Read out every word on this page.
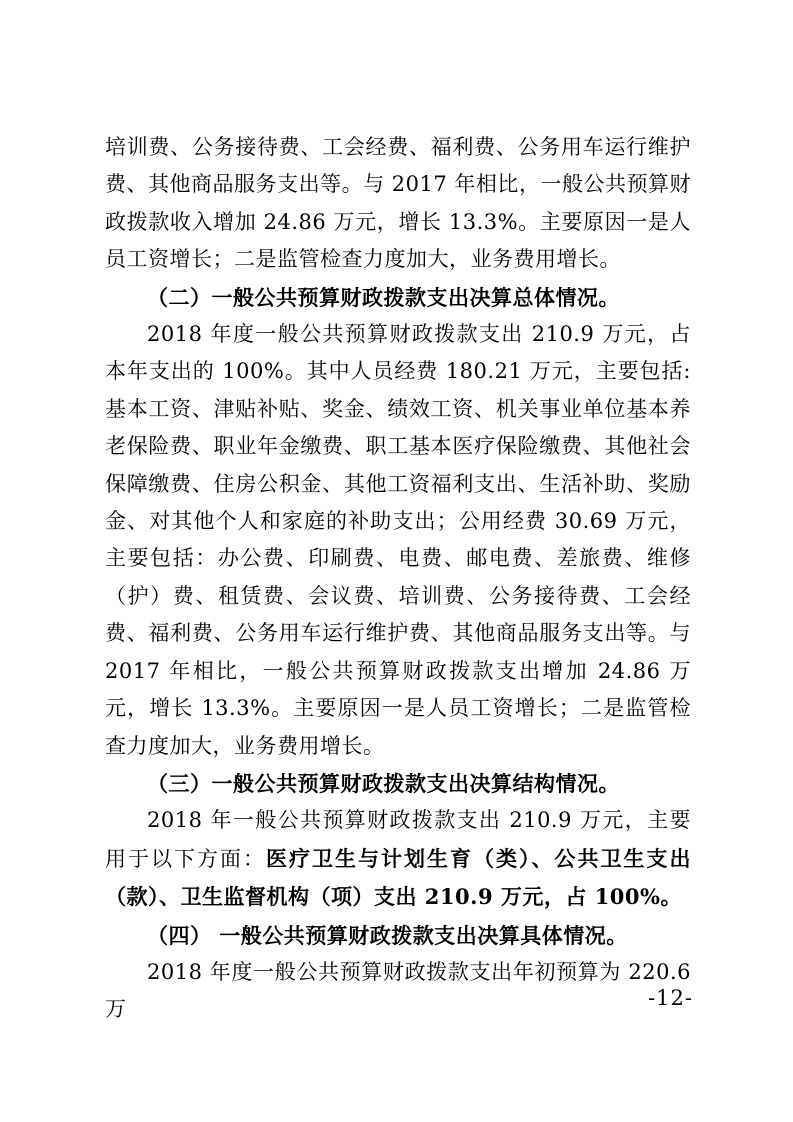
培训费、公务接待费、工会经费、福利费、公务用车运行维护费、其他商品服务支出等。与 2017 年相比，一般公共预算财政拨款收入增加 24.86 万元，增长 13.3%。主要原因一是人员工资增长；二是监管检查力度加大，业务费用增长。

（二）一般公共预算财政拨款支出决算总体情况。

2018 年度一般公共预算财政拨款支出 210.9 万元，占本年支出的 100%。其中人员经费 180.21 万元，主要包括:基本工资、津贴补贴、奖金、绩效工资、机关事业单位基本养老保险费、职业年金缴费、职工基本医疗保险缴费、其他社会保障缴费、住房公积金、其他工资福利支出、生活补助、奖励金、对其他个人和家庭的补助支出；公用经费 30.69 万元，主要包括：办公费、印刷费、电费、邮电费、差旅费、维修（护）费、租赁费、会议费、培训费、公务接待费、工会经费、福利费、公务用车运行维护费、其他商品服务支出等。与 2017 年相比，一般公共预算财政拨款支出增加 24.86 万元，增长 13.3%。主要原因一是人员工资增长；二是监管检查力度加大，业务费用增长。

（三）一般公共预算财政拨款支出决算结构情况。

2018 年一般公共预算财政拨款支出 210.9 万元，主要用于以下方面：医疗卫生与计划生育（类）、公共卫生支出（款）、卫生监督机构（项）支出 210.9 万元，占 100%。

（四） 一般公共预算财政拨款支出决算具体情况。

2018 年度一般公共预算财政拨款支出年初预算为 220.6 万	-12-
